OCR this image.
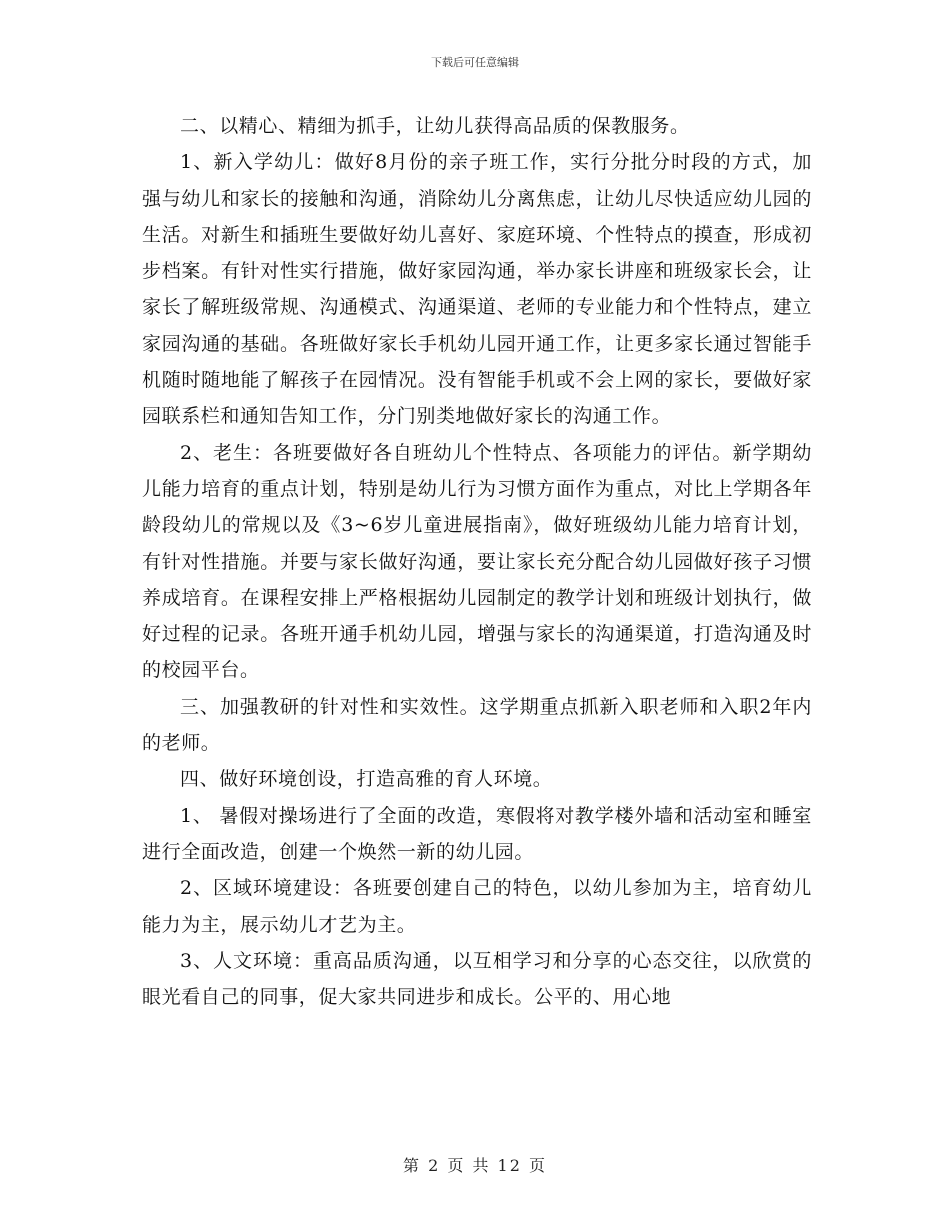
下载后可任意编辑

二、以精心、精细为抓手，让幼儿获得高品质的保教服务。

1、新入学幼儿：做好8月份的亲子班工作，实行分批分时段的方式，加强与幼儿和家长的接触和沟通，消除幼儿分离焦虑，让幼儿尽快适应幼儿园的生活。对新生和插班生要做好幼儿喜好、家庭环境、个性特点的摸查，形成初步档案。有针对性实行措施，做好家园沟通，举办家长讲座和班级家长会，让家长了解班级常规、沟通模式、沟通渠道、老师的专业能力和个性特点，建立家园沟通的基础。各班做好家长手机幼儿园开通工作，让更多家长通过智能手机随时随地能了解孩子在园情况。没有智能手机或不会上网的家长，要做好家园联系栏和通知告知工作，分门别类地做好家长的沟通工作。

2、老生：各班要做好各自班幼儿个性特点、各项能力的评估。新学期幼儿能力培育的重点计划，特别是幼儿行为习惯方面作为重点，对比上学期各年龄段幼儿的常规以及《3~6岁儿童进展指南》，做好班级幼儿能力培育计划，有针对性措施。并要与家长做好沟通，要让家长充分配合幼儿园做好孩子习惯养成培育。在课程安排上严格根据幼儿园制定的教学计划和班级计划执行，做好过程的记录。各班开通手机幼儿园，增强与家长的沟通渠道，打造沟通及时的校园平台。

三、加强教研的针对性和实效性。这学期重点抓新入职老师和入职2年内的老师。

四、做好环境创设，打造高雅的育人环境。

1、 暑假对操场进行了全面的改造，寒假将对教学楼外墙和活动室和睡室进行全面改造，创建一个焕然一新的幼儿园。

2、区域环境建设：各班要创建自己的特色，以幼儿参加为主，培育幼儿能力为主，展示幼儿才艺为主。

3、人文环境：重高品质沟通，以互相学习和分享的心态交往，以欣赏的眼光看自己的同事，促大家共同进步和成长。公平的、用心地

第 2 页 共 12 页
